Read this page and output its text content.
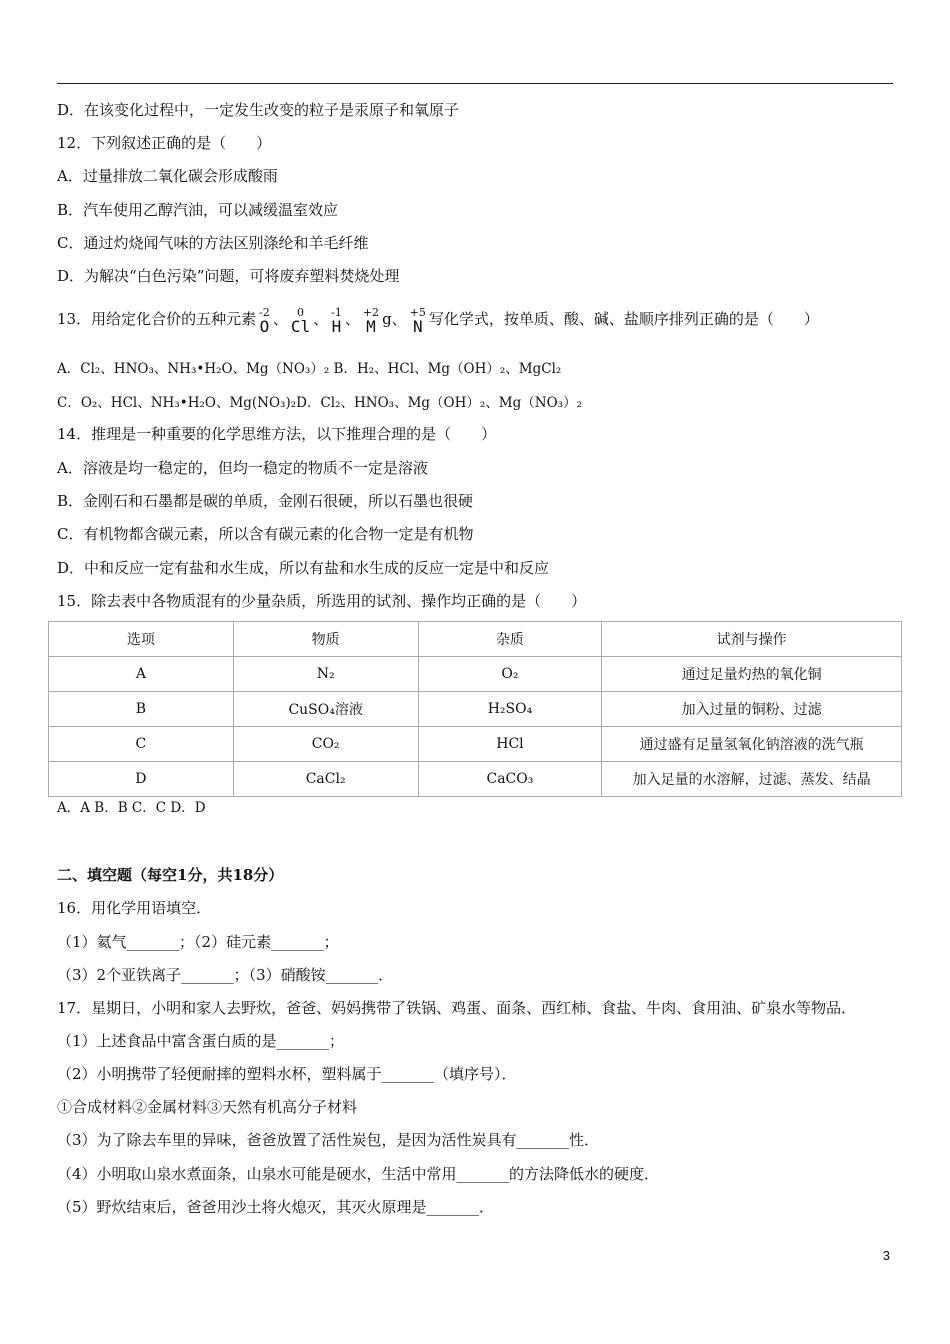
D．在该变化过程中，一定发生改变的粒子是汞原子和氧原子
12．下列叙述正确的是（　　）
A．过量排放二氧化碳会形成酸雨
B．汽车使用乙醇汽油，可以减缓温室效应
C．通过灼烧闻气味的方法区别涤纶和羊毛纤维
D．为解决“白色污染”问题，可将废弃塑料焚烧处理
13．用给定化合价的五种元素 -2
O 、 0
Cl 、 -1
H 、 +2
M g、 +5
N 写化学式，按单质、酸、碱、盐顺序排列正确的是（　　）
A．Cl₂、HNO₃、NH₃•H₂O、Mg（NO₃）₂ B．H₂、HCl、Mg（OH）₂、MgCl₂
C．O₂、HCl、NH₃•H₂O、Mg(NO₃)₂D．Cl₂、HNO₃、Mg（OH）₂、Mg（NO₃）₂
14．推理是一种重要的化学思维方法，以下推理合理的是（　　）
A．溶液是均一稳定的，但均一稳定的物质不一定是溶液
B．金刚石和石墨都是碳的单质，金刚石很硬，所以石墨也很硬
C．有机物都含碳元素，所以含有碳元素的化合物一定是有机物
D．中和反应一定有盐和水生成，所以有盐和水生成的反应一定是中和反应
15．除去表中各物质混有的少量杂质，所选用的试剂、操作均正确的是（　　）
选项	物质	杂质	试剂与操作
A	N₂	O₂	通过足量灼热的氧化铜
B	CuSO₄溶液	H₂SO₄	加入过量的铜粉、过滤
C	CO₂	HCl	通过盛有足量氢氧化钠溶液的洗气瓶
D	CaCl₂	CaCO₃	加入足量的水溶解，过滤、蒸发、结晶
A．A B．B C．C D．D
二、填空题（每空1分，共18分）
16．用化学用语填空．
（1）氦气_______；（2）硅元素_______；
（3）2个亚铁离子_______；（3）硝酸铵_______．
17．星期日，小明和家人去野炊，爸爸、妈妈携带了铁锅、鸡蛋、面条、西红柿、食盐、牛肉、食用油、矿泉水等物品．
（1）上述食品中富含蛋白质的是_______；
（2）小明携带了轻便耐摔的塑料水杯，塑料属于_______（填序号）．
①合成材料②金属材料③天然有机高分子材料
（3）为了除去车里的异味，爸爸放置了活性炭包，是因为活性炭具有_______性．
（4）小明取山泉水煮面条，山泉水可能是硬水，生活中常用_______的方法降低水的硬度．
（5）野炊结束后，爸爸用沙土将火熄灭，其灭火原理是_______．
3
